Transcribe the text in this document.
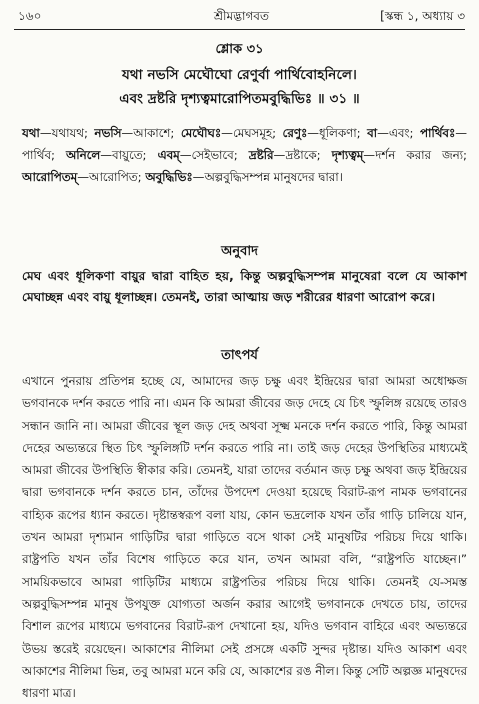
১৬০	শ্রীমদ্ভাগবত	[স্কন্ধ ১, অধ্যায় ৩
শ্লোক ৩১
যথা নভসি মেঘৌঘো রেণুর্বা পার্থিবোহনিলে।
এবং দ্রষ্টরি দৃশ্যত্বমারোপিতমবুদ্ধিভিঃ ॥ ৩১ ॥
যথা—যথাযথ; নভসি—আকাশে; মেঘৌঘঃ—মেঘসমূহ; রেণুঃ—ধূলিকণা; বা—এবং; পার্থিবঃ—পার্থিব; অনিলে—বায়ুতে; এবম্‌—সেইভাবে; দ্রষ্টরি—দ্রষ্টাকে; দৃশ্যত্বম্‌—দর্শন করার জন্য; আরোপিতম্‌—আরোপিত; অবুদ্ধিভিঃ—অল্পবুদ্ধিসম্পন্ন মানুষদের দ্বারা।
অনুবাদ
মেঘ এবং ধূলিকণা বায়ুর দ্বারা বাহিত হয়, কিন্তু অল্পবুদ্ধিসম্পন্ন মানুষেরা বলে যে আকাশ মেঘাচ্ছন্ন এবং বায়ু ধূলাচ্ছন্ন। তেমনই, তারা আত্মায় জড় শরীরের ধারণা আরোপ করে।
তাৎপর্য
এখানে পুনরায় প্রতিপন্ন হচ্ছে যে, আমাদের জড় চক্ষু এবং ইন্দ্রিয়ের দ্বারা আমরা অধোক্ষজ ভগবানকে দর্শন করতে পারি না। এমন কি আমরা জীবের জড় দেহে যে চিৎ স্ফুলিঙ্গ রয়েছে তারও সন্ধান জানি না। আমরা জীবের স্থূল জড় দেহ অথবা সূক্ষ্ম মনকে দর্শন করতে পারি, কিন্তু আমরা দেহের অভ্যন্তরে স্থিত চিৎ স্ফুলিঙ্গটি দর্শন করতে পারি না। তাই জড় দেহের উপস্থিতির মাধ্যমেই আমরা জীবের উপস্থিতি স্বীকার করি। তেমনই, যারা তাদের বর্তমান জড় চক্ষু অথবা জড় ইন্দ্রিয়ের দ্বারা ভগবানকে দর্শন করতে চান, তাঁদের উপদেশ দেওয়া হয়েছে বিরাট-রূপ নামক ভগবানের বাহ্যিক রূপের ধ্যান করতে। দৃষ্টান্তস্বরূপ বলা যায়, কোন ভদ্রলোক যখন তাঁর গাড়ি চালিয়ে যান, তখন আমরা দৃশ্যমান গাড়িটির দ্বারা গাড়িতে বসে থাকা সেই মানুষটির পরিচয় দিয়ে থাকি। রাষ্ট্রপতি যখন তাঁর বিশেষ গাড়িতে করে যান, তখন আমরা বলি, “রাষ্ট্রপতি যাচ্ছেন।” সাময়িকভাবে আমরা গাড়িটির মাধ্যমে রাষ্ট্রপতির পরিচয় দিয়ে থাকি। তেমনই যে-সমস্ত অল্পবুদ্ধিসম্পন্ন মানুষ উপযুক্ত যোগ্যতা অর্জন করার আগেই ভগবানকে দেখতে চায়, তাদের বিশাল রূপের মাধ্যমে ভগবানের বিরাট-রূপ দেখানো হয়, যদিও ভগবান বাহিরে এবং অভ্যন্তরে উভয় স্তরেই রয়েছেন। আকাশের নীলিমা সেই প্রসঙ্গে একটি সুন্দর দৃষ্টান্ত। যদিও আকাশ এবং আকাশের নীলিমা ভিন্ন, তবু আমরা মনে করি যে, আকাশের রঙ নীল। কিন্তু সেটি অল্পজ্ঞ মানুষদের ধারণা মাত্র।
